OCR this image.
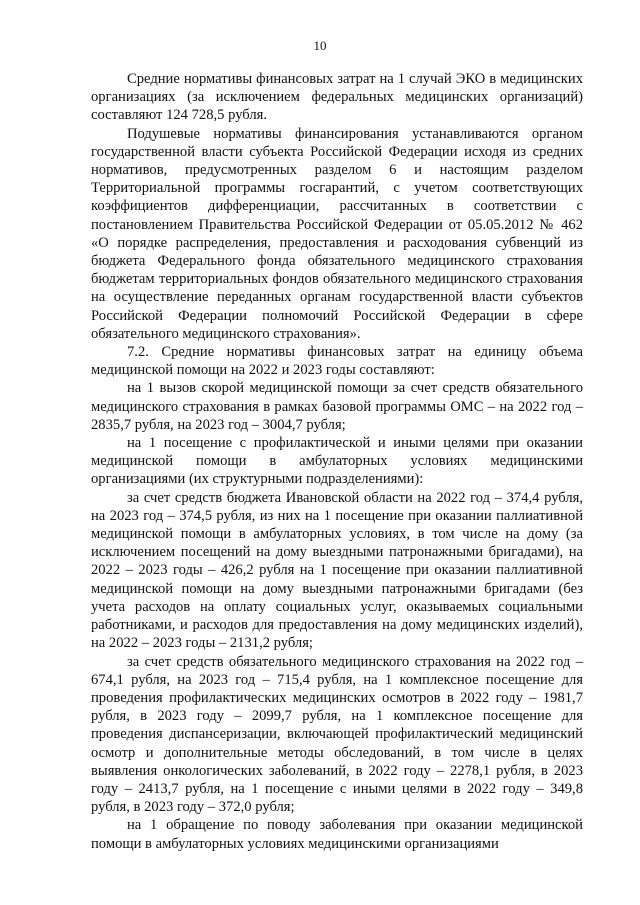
10

Средние нормативы финансовых затрат на 1 случай ЭКО в медицинских организациях (за исключением федеральных медицинских организаций) составляют 124 728,5 рубля.

Подушевые нормативы финансирования устанавливаются органом государственной власти субъекта Российской Федерации исходя из средних нормативов, предусмотренных разделом 6 и настоящим разделом Территориальной программы госгарантий, с учетом соответствующих коэффициентов дифференциации, рассчитанных в соответствии с постановлением Правительства Российской Федерации от 05.05.2012 № 462 «О порядке распределения, предоставления и расходования субвенций из бюджета Федерального фонда обязательного медицинского страхования бюджетам территориальных фондов обязательного медицинского страхования на осуществление переданных органам государственной власти субъектов Российской Федерации полномочий Российской Федерации в сфере обязательного медицинского страхования».

7.2. Средние нормативы финансовых затрат на единицу объема медицинской помощи на 2022 и 2023 годы составляют:

на 1 вызов скорой медицинской помощи за счет средств обязательного медицинского страхования в рамках базовой программы ОМС – на 2022 год – 2835,7 рубля, на 2023 год – 3004,7 рубля;

на 1 посещение с профилактической и иными целями при оказании медицинской помощи в амбулаторных условиях медицинскими организациями (их структурными подразделениями):

за счет средств бюджета Ивановской области на 2022 год – 374,4 рубля, на 2023 год – 374,5 рубля, из них на 1 посещение при оказании паллиативной медицинской помощи в амбулаторных условиях, в том числе на дому (за исключением посещений на дому выездными патронажными бригадами), на 2022 – 2023 годы – 426,2 рубля на 1 посещение при оказании паллиативной медицинской помощи на дому выездными патронажными бригадами (без учета расходов на оплату социальных услуг, оказываемых социальными работниками, и расходов для предоставления на дому медицинских изделий), на 2022 – 2023 годы – 2131,2 рубля;

за счет средств обязательного медицинского страхования на 2022 год – 674,1 рубля, на 2023 год – 715,4 рубля, на 1 комплексное посещение для проведения профилактических медицинских осмотров в 2022 году – 1981,7 рубля, в 2023 году – 2099,7 рубля, на 1 комплексное посещение для проведения диспансеризации, включающей профилактический медицинский осмотр и дополнительные методы обследований, в том числе в целях выявления онкологических заболеваний, в 2022 году – 2278,1 рубля, в 2023 году – 2413,7 рубля, на 1 посещение с иными целями в 2022 году – 349,8 рубля, в 2023 году – 372,0 рубля;

на 1 обращение по поводу заболевания при оказании медицинской помощи в амбулаторных условиях медицинскими организациями
